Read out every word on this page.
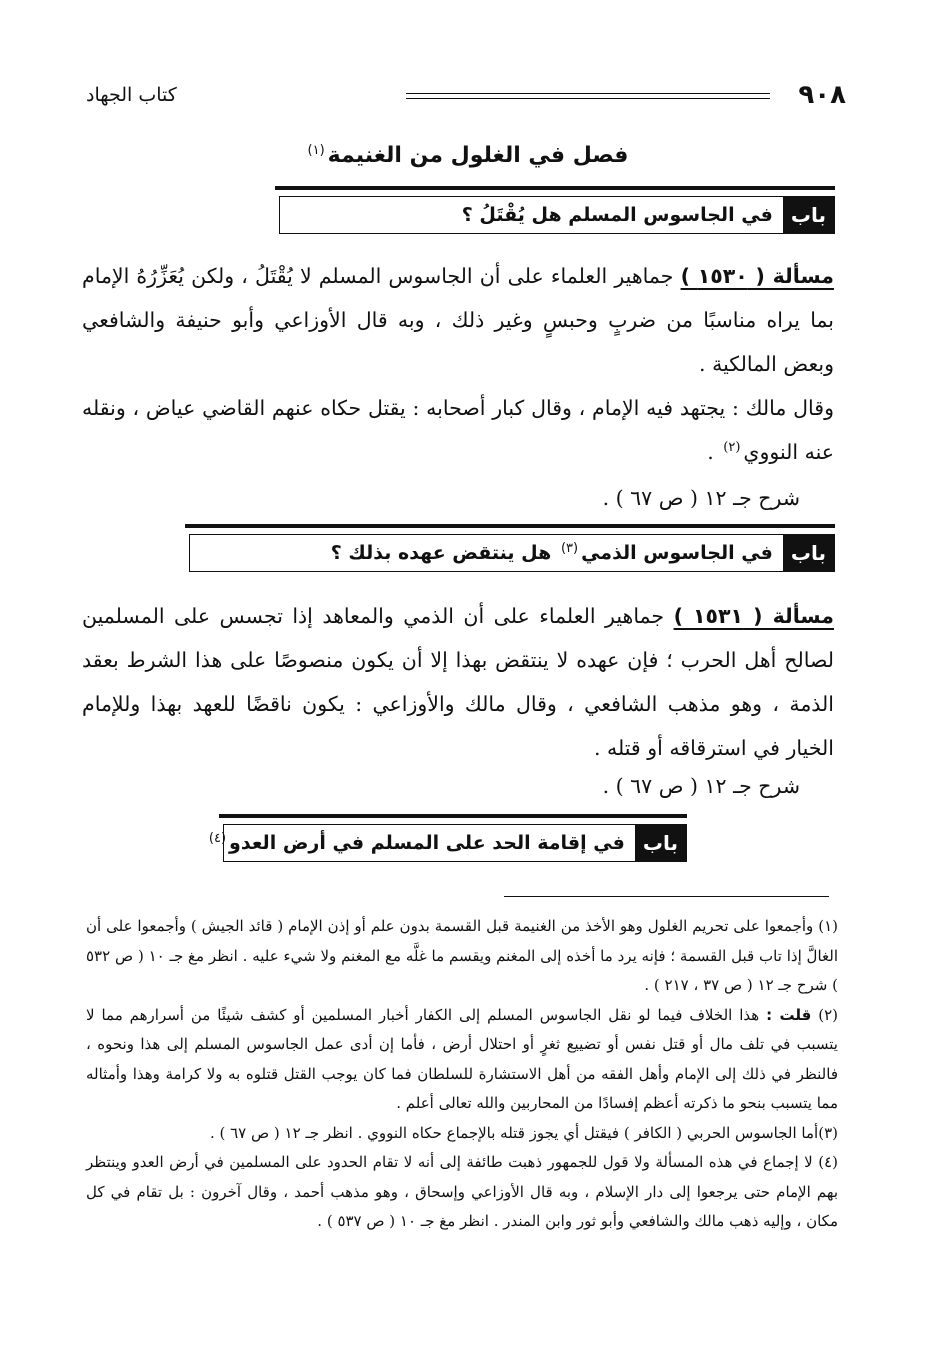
٩٠٨
كتاب الجهاد
فصل في الغلول من الغنيمة$^{(١)}$
باب
في الجاسوس المسلم هل يُقْتَلُ ؟
مسألة ( ١٥٣٠ ) جماهير العلماء على أن الجاسوس المسلم لا يُقْتَلُ ، ولكن يُعَزِّرُهُ الإمام بما يراه مناسبًا من ضربٍ وحبسٍ وغير ذلك ، وبه قال الأوزاعي وأبو حنيفة والشافعي وبعض المالكية .
وقال مالك : يجتهد فيه الإمام ، وقال كبار أصحابه : يقتل حكاه عنهم القاضي عياض ، ونقله عنه النووي$^{(٢)}$ .
شرح جـ ١٢ ( ص ٦٧ ) .
باب
في الجاسوس الذمي$^{(٣)}$ هل ينتقض عهده بذلك ؟
مسألة ( ١٥٣١ ) جماهير العلماء على أن الذمي والمعاهد إذا تجسس على المسلمين لصالح أهل الحرب ؛ فإن عهده لا ينتقض بهذا إلا أن يكون منصوصًا على هذا الشرط بعقد الذمة ، وهو مذهب الشافعي ، وقال مالك والأوزاعي : يكون ناقضًا للعهد بهذا وللإمام الخيار في استرقاقه أو قتله .
شرح جـ ١٢ ( ص ٦٧ ) .
باب
في إقامة الحد على المسلم في أرض العدو$^{(٤)}$

(١) وأجمعوا على تحريم الغلول وهو الأخذ من الغنيمة قبل القسمة بدون علم أو إذن الإمام ( قائد الجيش ) وأجمعوا على أن الغالَّ إذا تاب قبل القسمة ؛ فإنه يرد ما أخذه إلى المغنم ويقسم ما غلَّه مع المغنم ولا شيء عليه . انظر مغ جـ ١٠ ( ص ٥٣٢ ) شرح جـ ١٢ ( ص ٣٧ ، ٢١٧ ) .

(٢) قلت : هذا الخلاف فيما لو نقل الجاسوس المسلم إلى الكفار أخبار المسلمين أو كشف شيئًا من أسرارهم مما لا يتسبب في تلف مال أو قتل نفس أو تضييع ثغرٍ أو احتلال أرض ، فأما إن أدى عمل الجاسوس المسلم إلى هذا ونحوه ، فالنظر في ذلك إلى الإمام وأهل الفقه من أهل الاستشارة للسلطان فما كان يوجب القتل قتلوه به ولا كرامة وهذا وأمثاله مما يتسبب بنحو ما ذكرته أعظم إفسادًا من المحاربين والله تعالى أعلم .

(٣)أما الجاسوس الحربي ( الكافر ) فيقتل أي يجوز قتله بالإجماع حكاه النووي . انظر جـ ١٢ ( ص ٦٧ ) .

(٤) لا إجماع في هذه المسألة ولا قول للجمهور ذهبت طائفة إلى أنه لا تقام الحدود على المسلمين في أرض العدو وينتظر بهم الإمام حتى يرجعوا إلى دار الإسلام ، وبه قال الأوزاعي وإسحاق ، وهو مذهب أحمد ، وقال آخرون : بل تقام في كل مكان ، وإليه ذهب مالك والشافعي وأبو ثور وابن المندر . انظر مغ جـ ١٠ ( ص ٥٣٧ ) .
